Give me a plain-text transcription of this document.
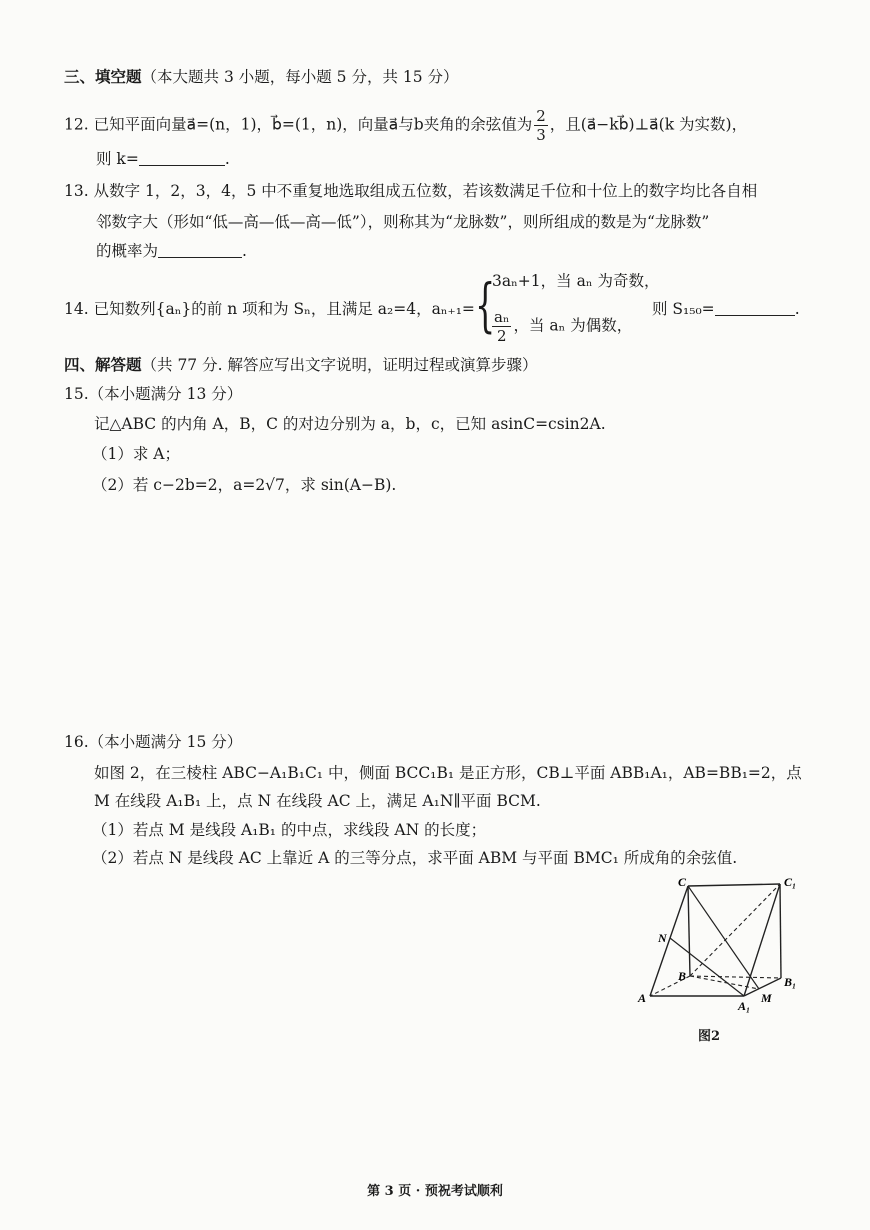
三、填空题（本大题共 3 小题，每小题 5 分，共 15 分）
12. 已知平面向量a⃗=(n，1)，b⃗=(1，n)，向量a⃗与b夹角的余弦值为 $\frac{2}{3}$ ，且(a⃗−kb⃗)⊥a⃗(k 为实数)，
则 k=	.
13. 从数字 1，2，3，4，5 中不重复地选取组成五位数，若该数满足千位和十位上的数字均比各自相
邻数字大（形如“低—高—低—高—低”），则称其为“龙脉数”，则所组成的数是为“龙脉数”
的概率为	.
14. 已知数列{aₙ}的前 n 项和为 Sₙ，且满足 a₂=4，aₙ₊₁= {
3aₙ+1，当 aₙ 为奇数，
$\frac{\text{aₙ}}{2}$ ，当 aₙ 为偶数，
则 S₁₅₀=	.
四、解答题（共 77 分. 解答应写出文字说明，证明过程或演算步骤）
15.（本小题满分 13 分）
记△ABC 的内角 A，B，C 的对边分别为 a，b，c，已知 asinC=csin2A.
（1）求 A；
（2）若 c−2b=2，a=2√7，求 sin(A−B).
16.（本小题满分 15 分）
如图 2，在三棱柱 ABC−A₁B₁C₁ 中，侧面 BCC₁B₁ 是正方形，CB⊥平面 ABB₁A₁，AB=BB₁=2，点
M 在线段 A₁B₁ 上，点 N 在线段 AC 上，满足 A₁N∥平面 BCM.
（1）若点 M 是线段 A₁B₁ 的中点，求线段 AN 的长度；
（2）若点 N 是线段 AC 上靠近 A 的三等分点，求平面 ABM 与平面 BMC₁ 所成角的余弦值.
C	C₁
N
B	B₁
A
A₁
M
图2
第 3 页 · 预祝考试顺利
